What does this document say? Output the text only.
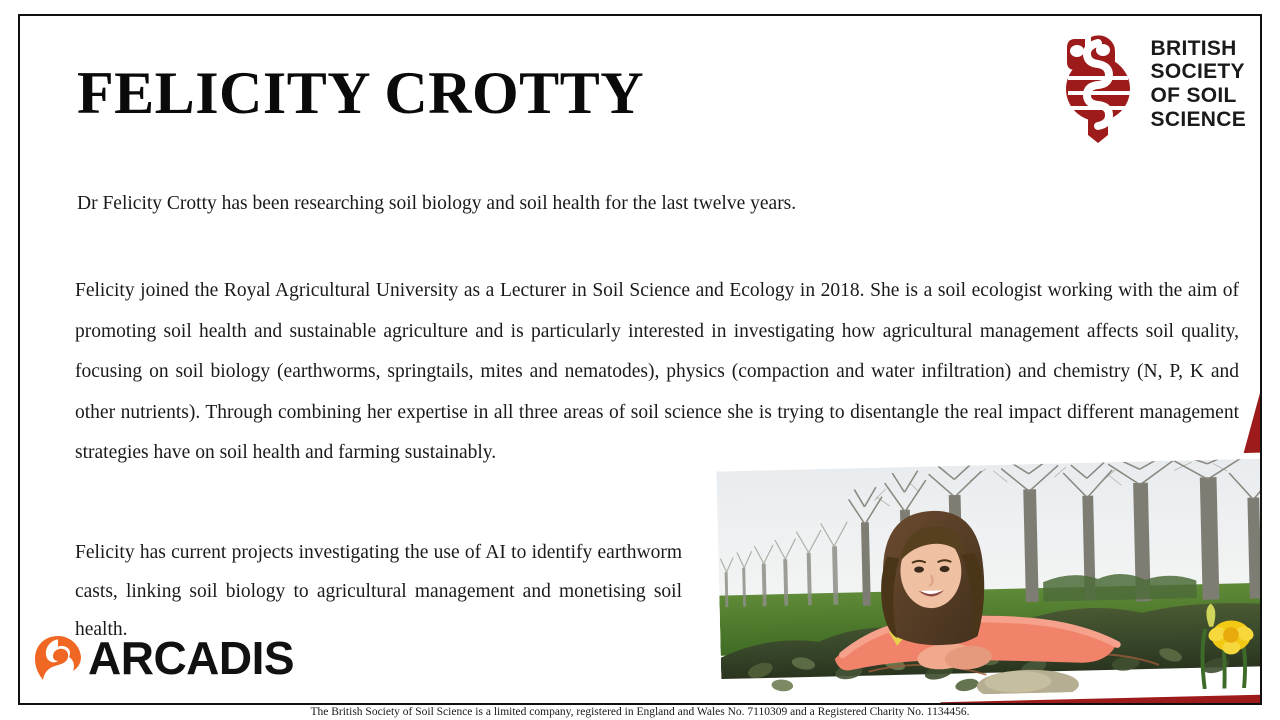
FELICITY CROTTY
BRITISH
SOCIETY
OF SOIL
SCIENCE
Dr Felicity Crotty has been researching soil biology and soil health for the last twelve years.
Felicity joined the Royal Agricultural University as a Lecturer in Soil Science and Ecology in 2018. She is a soil ecologist working with the aim of promoting soil health and sustainable agriculture and is particularly interested in investigating how agricultural management affects soil quality, focusing on soil biology (earthworms, springtails, mites and nematodes), physics (compaction and water infiltration) and chemistry (N, P, K and other nutrients). Through combining her expertise in all three areas of soil science she is trying to disentangle the real impact different management strategies have on soil health and farming sustainably.
Felicity has current projects investigating the use of AI to identify earthworm casts, linking soil biology to agricultural management and monetising soil health.
ARCADIS
The British Society of Soil Science is a limited company, registered in England and Wales No. 7110309 and a Registered Charity No. 1134456.
